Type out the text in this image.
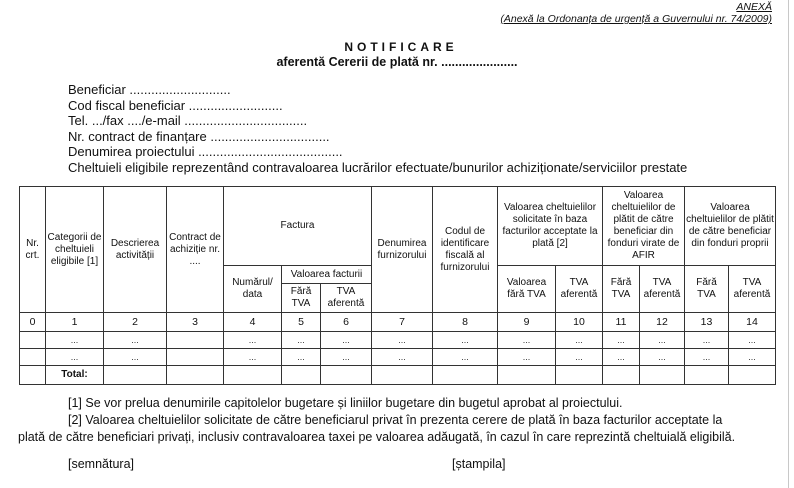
ANEXĂ
(Anexă la Ordonanța de urgență a Guvernului nr. 74/2009)
NOTIFICARE
aferentă Cererii de plată nr. ......................
Beneficiar ............................
Cod fiscal beneficiar ..........................
Tel. .../fax ..../e-mail ..................................
Nr. contract de finanțare .................................
Denumirea proiectului ........................................
Cheltuieli eligibile reprezentând contravaloarea lucrărilor efectuate/bunurilor achiziționate/serviciilor prestate
Nr. crt.	Categorii de cheltuieli eligibile [1]	Descrierea activității	Contract de achiziție nr. ....	Factura			Denumirea furnizorului	Codul de identificare fiscală al furnizorului	Valoarea cheltuielilor solicitate în baza facturilor acceptate la plată [2]		Valoarea cheltuielilor de plătit de către beneficiar din fonduri virate de AFIR		Valoarea cheltuielilor de plătit de către beneficiar din fonduri proprii	
				Numărul/ data	Valoarea facturii				Valoarea fără TVA	TVA aferentă	Fără TVA	TVA aferentă	Fără TVA	TVA aferentă
					Fără TVA	TVA aferentă								
0	1	2	3	4	5	6	7	8	9	10	11	12	13	14
	...	...		...	...	...	...	...	...	...	...	...	...	...
	...	...		...	...	...	...	...	...	...	...	...	...	...
	Total:													
[1] Se vor prelua denumirile capitolelor bugetare și liniilor bugetare din bugetul aprobat al proiectului.
[2] Valoarea cheltuielilor solicitate de către beneficiarul privat în prezenta cerere de plată în baza facturilor acceptate la
plată de către beneficiari privați, inclusiv contravaloarea taxei pe valoarea adăugată, în cazul în care reprezintă cheltuială eligibilă.
[semnătura]	[ștampila]
